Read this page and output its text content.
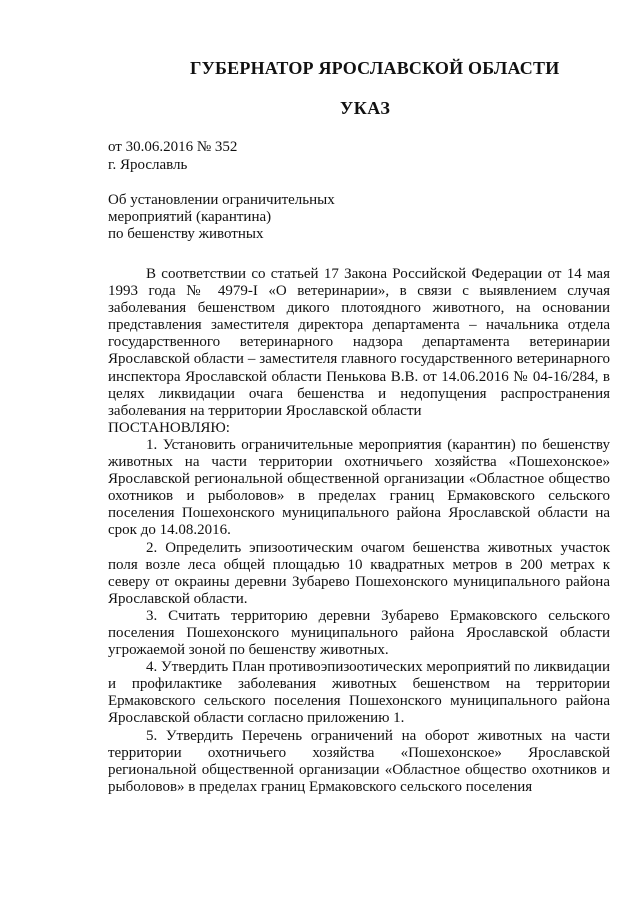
ГУБЕРНАТОР ЯРОСЛАВСКОЙ ОБЛАСТИ
УКАЗ
от 30.06.2016 № 352
г. Ярославль
Об установлении ограничительных
мероприятий (карантина)
по бешенству животных

В соответствии со статьей 17 Закона Российской Федерации от 14 мая 1993 года № 4979-I «О ветеринарии», в связи с выявлением случая заболевания бешенством дикого плотоядного животного, на основании представления заместителя директора департамента – начальника отдела государственного ветеринарного надзора департамента ветеринарии Ярославской области – заместителя главного государственного ветеринарного инспектора Ярославской области Пенькова В.В. от 14.06.2016 № 04-16/284, в целях ликвидации очага бешенства и недопущения распространения заболевания на территории Ярославской области

ПОСТАНОВЛЯЮ:

1. Установить ограничительные мероприятия (карантин) по бешенству животных на части территории охотничьего хозяйства «Пошехонское» Ярославской региональной общественной организации «Областное общество охотников и рыболовов» в пределах границ Ермаковского сельского поселения Пошехонского муниципального района Ярославской области на срок до 14.08.2016.

2. Определить эпизоотическим очагом бешенства животных участок поля возле леса общей площадью 10 квадратных метров в 200 метрах к северу от окраины деревни Зубарево Пошехонского муниципального района Ярославской области.

3. Считать территорию деревни Зубарево Ермаковского сельского поселения Пошехонского муниципального района Ярославской области угрожаемой зоной по бешенству животных.

4. Утвердить План противоэпизоотических мероприятий по ликвидации и профилактике заболевания животных бешенством на территории Ермаковского сельского поселения Пошехонского муниципального района Ярославской области согласно приложению 1.

5. Утвердить Перечень ограничений на оборот животных на части территории охотничьего хозяйства «Пошехонское» Ярославской региональной общественной организации «Областное общество охотников и рыболовов» в пределах границ Ермаковского сельского поселения
